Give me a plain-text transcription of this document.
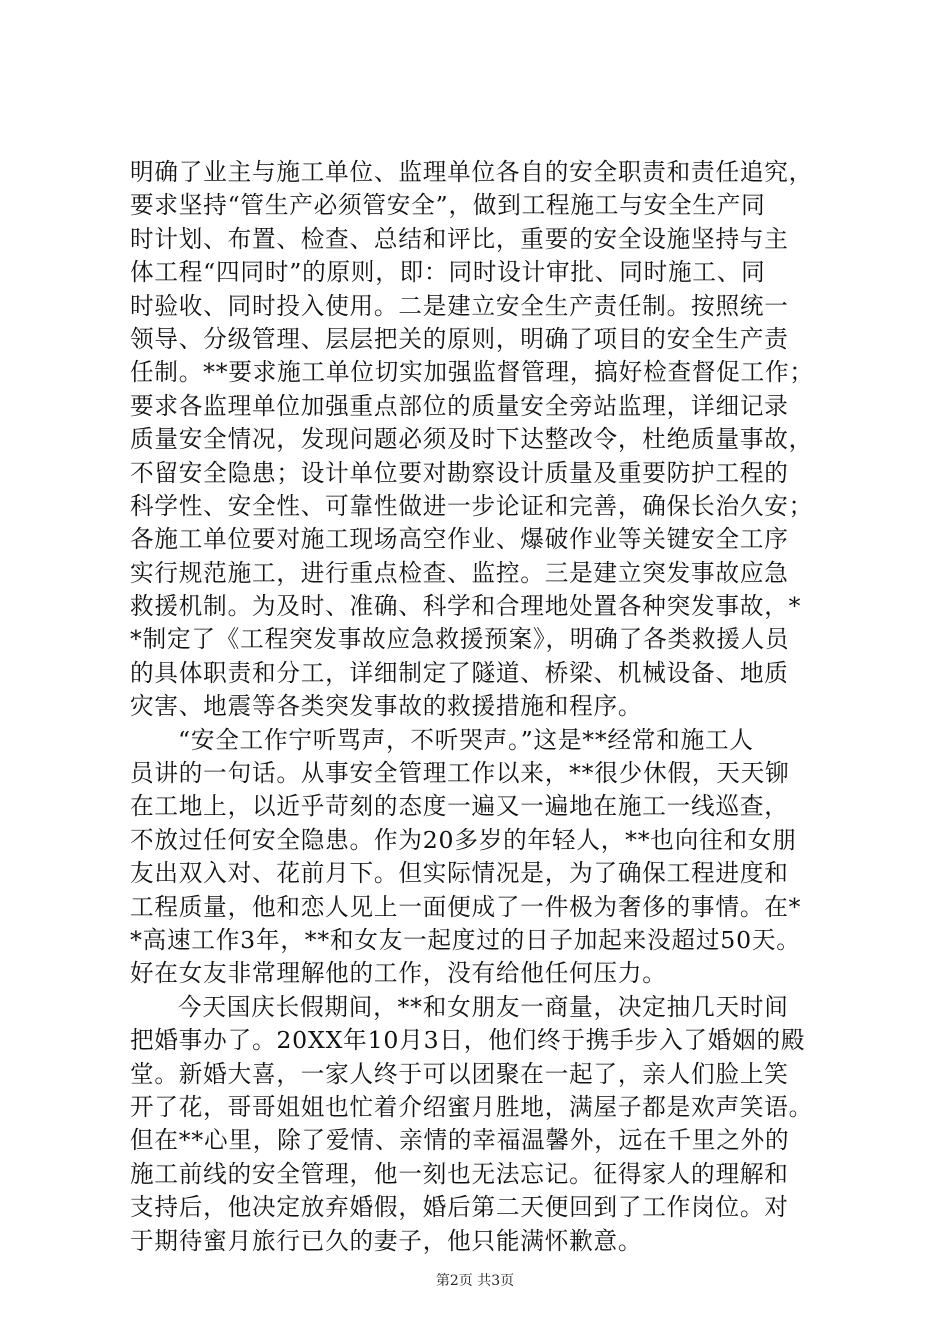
明确了业主与施工单位、监理单位各自的安全职责和责任追究，
要求坚持“管生产必须管安全”，做到工程施工与安全生产同
时计划、布置、检查、总结和评比，重要的安全设施坚持与主
体工程“四同时”的原则，即：同时设计审批、同时施工、同
时验收、同时投入使用。二是建立安全生产责任制。按照统一
领导、分级管理、层层把关的原则，明确了项目的安全生产责
任制。**要求施工单位切实加强监督管理，搞好检查督促工作；
要求各监理单位加强重点部位的质量安全旁站监理，详细记录
质量安全情况，发现问题必须及时下达整改令，杜绝质量事故，
不留安全隐患；设计单位要对勘察设计质量及重要防护工程的
科学性、安全性、可靠性做进一步论证和完善，确保长治久安；
各施工单位要对施工现场高空作业、爆破作业等关键安全工序
实行规范施工，进行重点检查、监控。三是建立突发事故应急
救援机制。为及时、准确、科学和合理地处置各种突发事故，*
*制定了《工程突发事故应急救援预案》，明确了各类救援人员
的具体职责和分工，详细制定了隧道、桥梁、机械设备、地质
灾害、地震等各类突发事故的救援措施和程序。
“安全工作宁听骂声，不听哭声。”这是**经常和施工人
员讲的一句话。从事安全管理工作以来，**很少休假，天天铆
在工地上，以近乎苛刻的态度一遍又一遍地在施工一线巡查，
不放过任何安全隐患。作为20多岁的年轻人，**也向往和女朋
友出双入对、花前月下。但实际情况是，为了确保工程进度和
工程质量，他和恋人见上一面便成了一件极为奢侈的事情。在*
*高速工作3年，**和女友一起度过的日子加起来没超过50天。
好在女友非常理解他的工作，没有给他任何压力。
今天国庆长假期间，**和女朋友一商量，决定抽几天时间
把婚事办了。20XX年10月3日，他们终于携手步入了婚姻的殿
堂。新婚大喜，一家人终于可以团聚在一起了，亲人们脸上笑
开了花，哥哥姐姐也忙着介绍蜜月胜地，满屋子都是欢声笑语。
但在**心里，除了爱情、亲情的幸福温馨外，远在千里之外的
施工前线的安全管理，他一刻也无法忘记。征得家人的理解和
支持后，他决定放弃婚假，婚后第二天便回到了工作岗位。对
于期待蜜月旅行已久的妻子，他只能满怀歉意。
第2页 共3页
